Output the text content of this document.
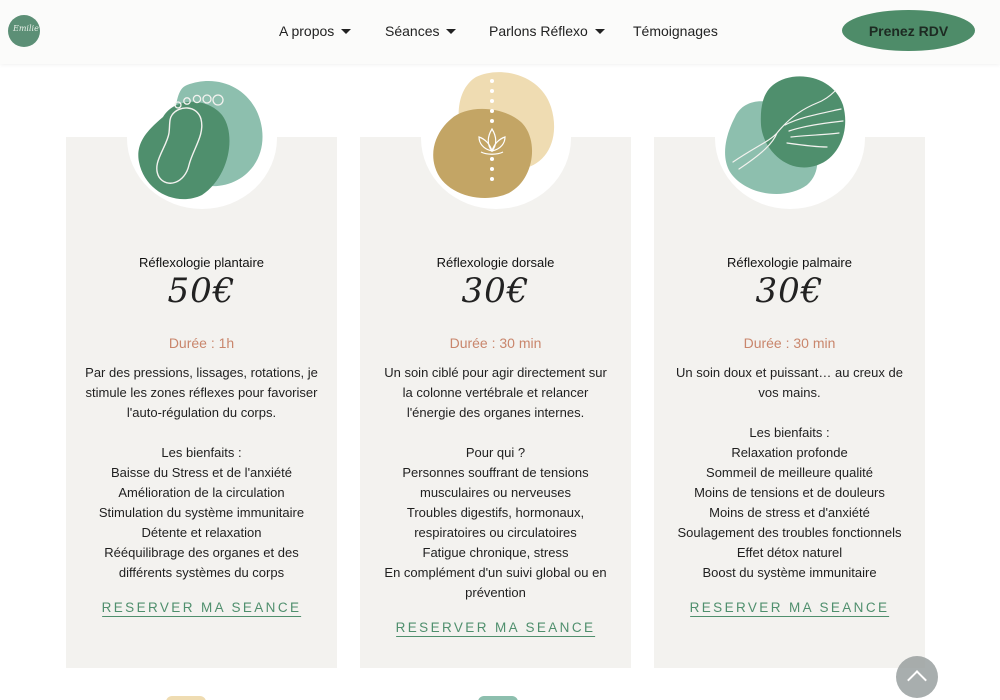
Emilie	A propos	Séances	Parlons Réflexo	Témoignages	Prenez RDV
Réflexologie plantaire
50€
Durée : 1h

Par des pressions, lissages, rotations, je

stimule les zones réflexes pour favoriser

l'auto-régulation du corps.

Les bienfaits :

Baisse du Stress et de l'anxiété

Amélioration de la circulation

Stimulation du système immunitaire

Détente et relaxation

Rééquilibrage des organes et des

différents systèmes du corps

RESERVER MA SEANCE
Réflexologie dorsale
30€
Durée : 30 min

Un soin ciblé pour agir directement sur

la colonne vertébrale et relancer

l'énergie des organes internes.

Pour qui ?

Personnes souffrant de tensions

musculaires ou nerveuses

Troubles digestifs, hormonaux,

respiratoires ou circulatoires

Fatigue chronique, stress

En complément d'un suivi global ou en

prévention

RESERVER MA SEANCE
Réflexologie palmaire
30€
Durée : 30 min

Un soin doux et puissant… au creux de

vos mains.

Les bienfaits :

Relaxation profonde

Sommeil de meilleure qualité

Moins de tensions et de douleurs

Moins de stress et d'anxiété

Soulagement des troubles fonctionnels

Effet détox naturel

Boost du système immunitaire

RESERVER MA SEANCE
